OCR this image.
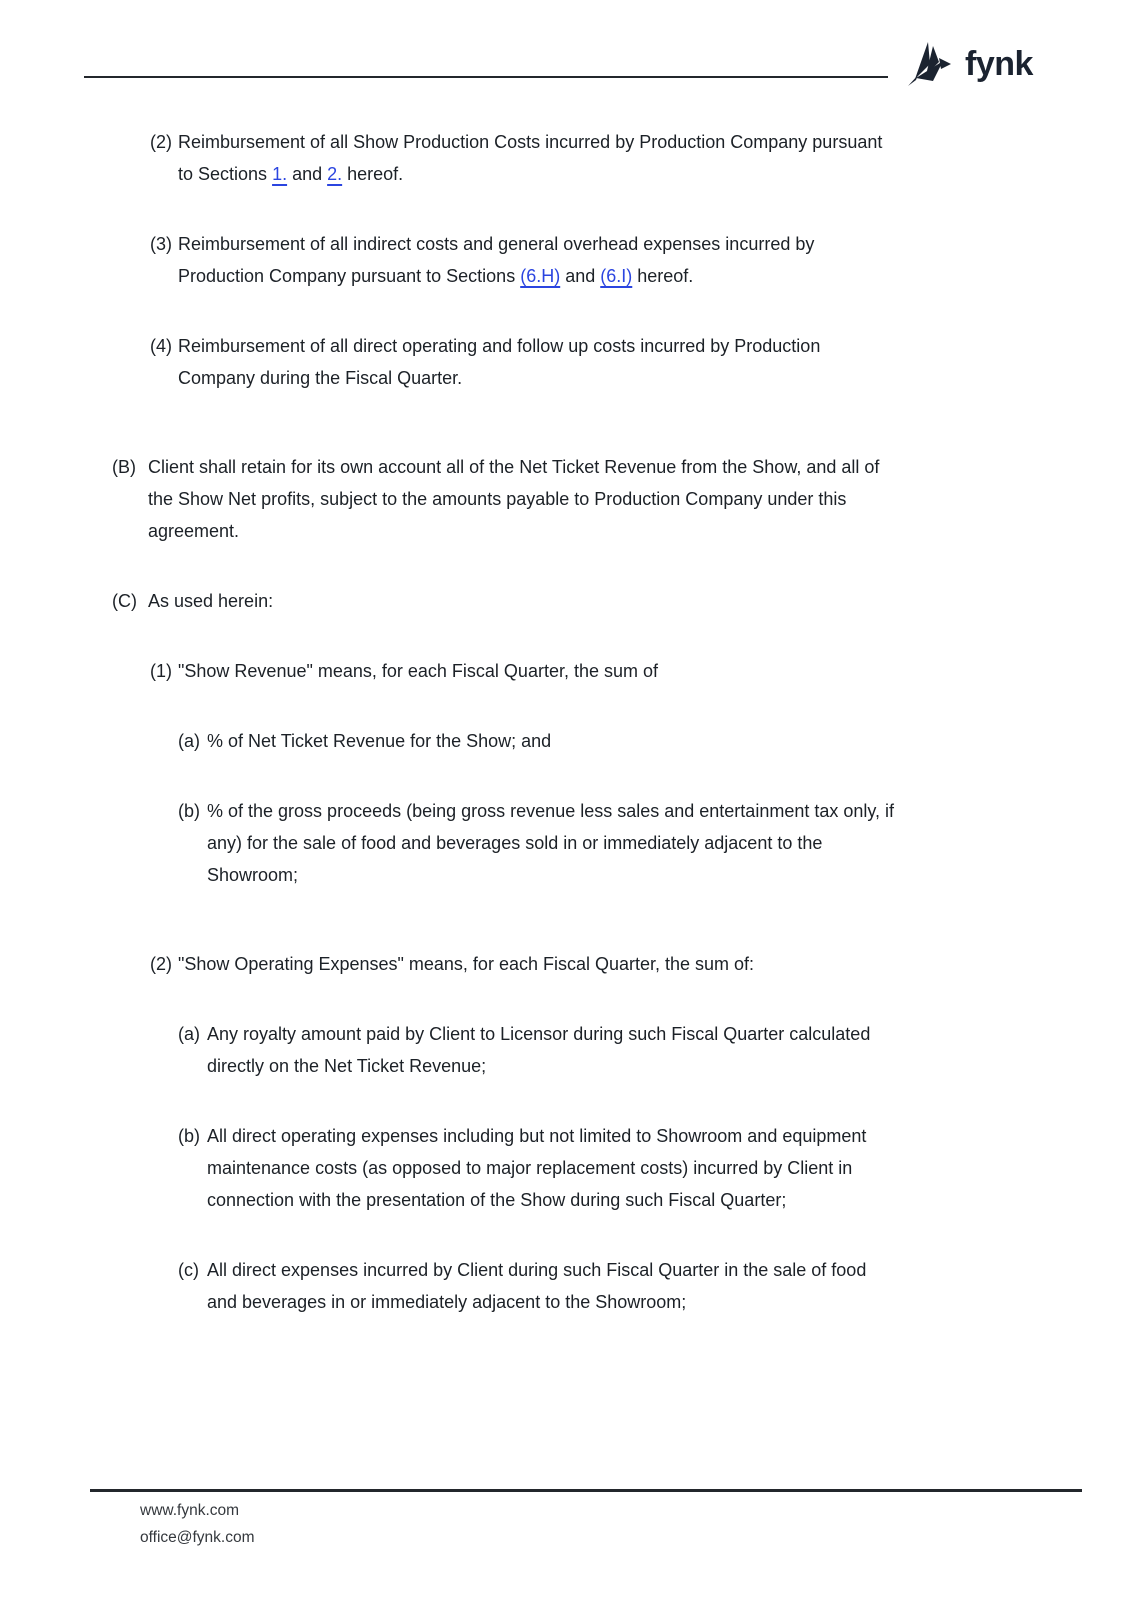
fynk
(2) Reimbursement of all Show Production Costs incurred by Production Company pursuant
to Sections 1. and 2. hereof.
(3) Reimbursement of all indirect costs and general overhead expenses incurred by
Production Company pursuant to Sections (6.H) and (6.I) hereof.
(4) Reimbursement of all direct operating and follow up costs incurred by Production
Company during the Fiscal Quarter.
(B) Client shall retain for its own account all of the Net Ticket Revenue from the Show, and all of
the Show Net profits, subject to the amounts payable to Production Company under this
agreement.
(C) As used herein:
(1) "Show Revenue" means, for each Fiscal Quarter, the sum of
(a) % of Net Ticket Revenue for the Show; and
(b) % of the gross proceeds (being gross revenue less sales and entertainment tax only, if
any) for the sale of food and beverages sold in or immediately adjacent to the
Showroom;
(2) "Show Operating Expenses" means, for each Fiscal Quarter, the sum of:
(a) Any royalty amount paid by Client to Licensor during such Fiscal Quarter calculated
directly on the Net Ticket Revenue;
(b) All direct operating expenses including but not limited to Showroom and equipment
maintenance costs (as opposed to major replacement costs) incurred by Client in
connection with the presentation of the Show during such Fiscal Quarter;
(c) All direct expenses incurred by Client during such Fiscal Quarter in the sale of food
and beverages in or immediately adjacent to the Showroom;
www.fynk.com
office@fynk.com
